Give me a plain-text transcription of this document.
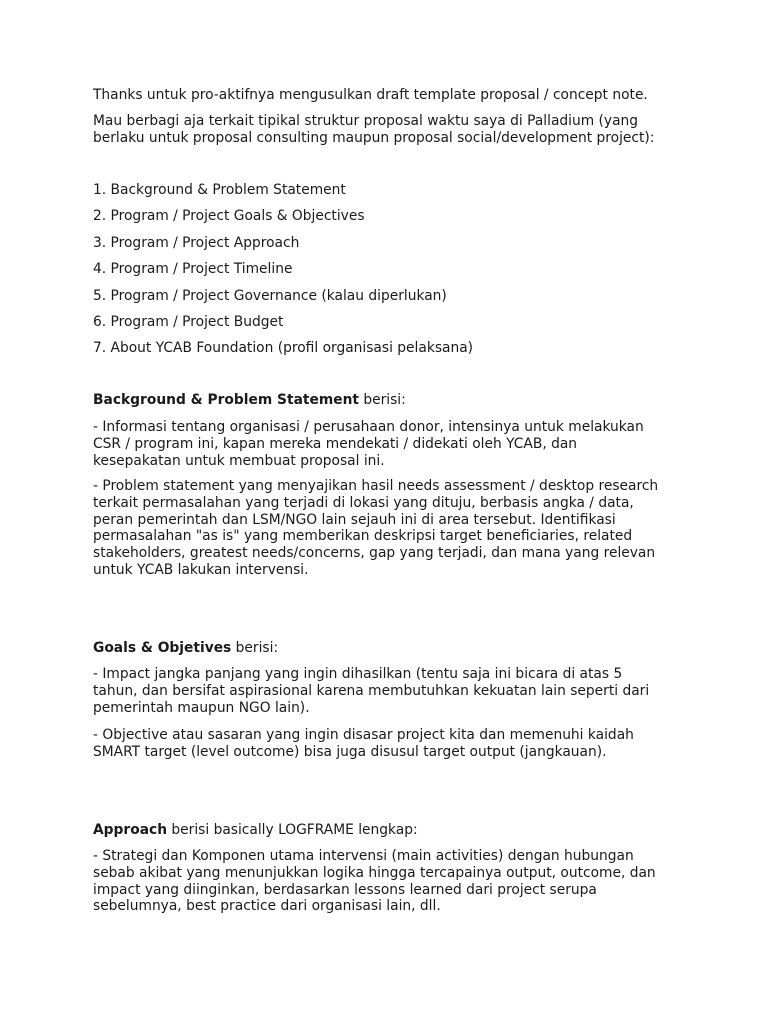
Thanks untuk pro-aktifnya mengusulkan draft template proposal / concept note.

Mau berbagi aja terkait tipikal struktur proposal waktu saya di Palladium (yang
berlaku untuk proposal consulting maupun proposal social/development project):

1. Background & Problem Statement

2. Program / Project Goals & Objectives

3. Program / Project Approach

4. Program / Project Timeline

5. Program / Project Governance (kalau diperlukan)

6. Program / Project Budget

7. About YCAB Foundation (profil organisasi pelaksana)

Background & Problem Statement berisi:

- Informasi tentang organisasi / perusahaan donor, intensinya untuk melakukan
CSR / program ini, kapan mereka mendekati / didekati oleh YCAB, dan
kesepakatan untuk membuat proposal ini.

- Problem statement yang menyajikan hasil needs assessment / desktop research
terkait permasalahan yang terjadi di lokasi yang dituju, berbasis angka / data,
peran pemerintah dan LSM/NGO lain sejauh ini di area tersebut. Identifikasi
permasalahan "as is" yang memberikan deskripsi target beneficiaries, related
stakeholders, greatest needs/concerns, gap yang terjadi, dan mana yang relevan
untuk YCAB lakukan intervensi.

Goals & Objetives berisi:

- Impact jangka panjang yang ingin dihasilkan (tentu saja ini bicara di atas 5
tahun, dan bersifat aspirasional karena membutuhkan kekuatan lain seperti dari
pemerintah maupun NGO lain).

- Objective atau sasaran yang ingin disasar project kita dan memenuhi kaidah
SMART target (level outcome) bisa juga disusul target output (jangkauan).

Approach berisi basically LOGFRAME lengkap:

- Strategi dan Komponen utama intervensi (main activities) dengan hubungan
sebab akibat yang menunjukkan logika hingga tercapainya output, outcome, dan
impact yang diinginkan, berdasarkan lessons learned dari project serupa
sebelumnya, best practice dari organisasi lain, dll.
